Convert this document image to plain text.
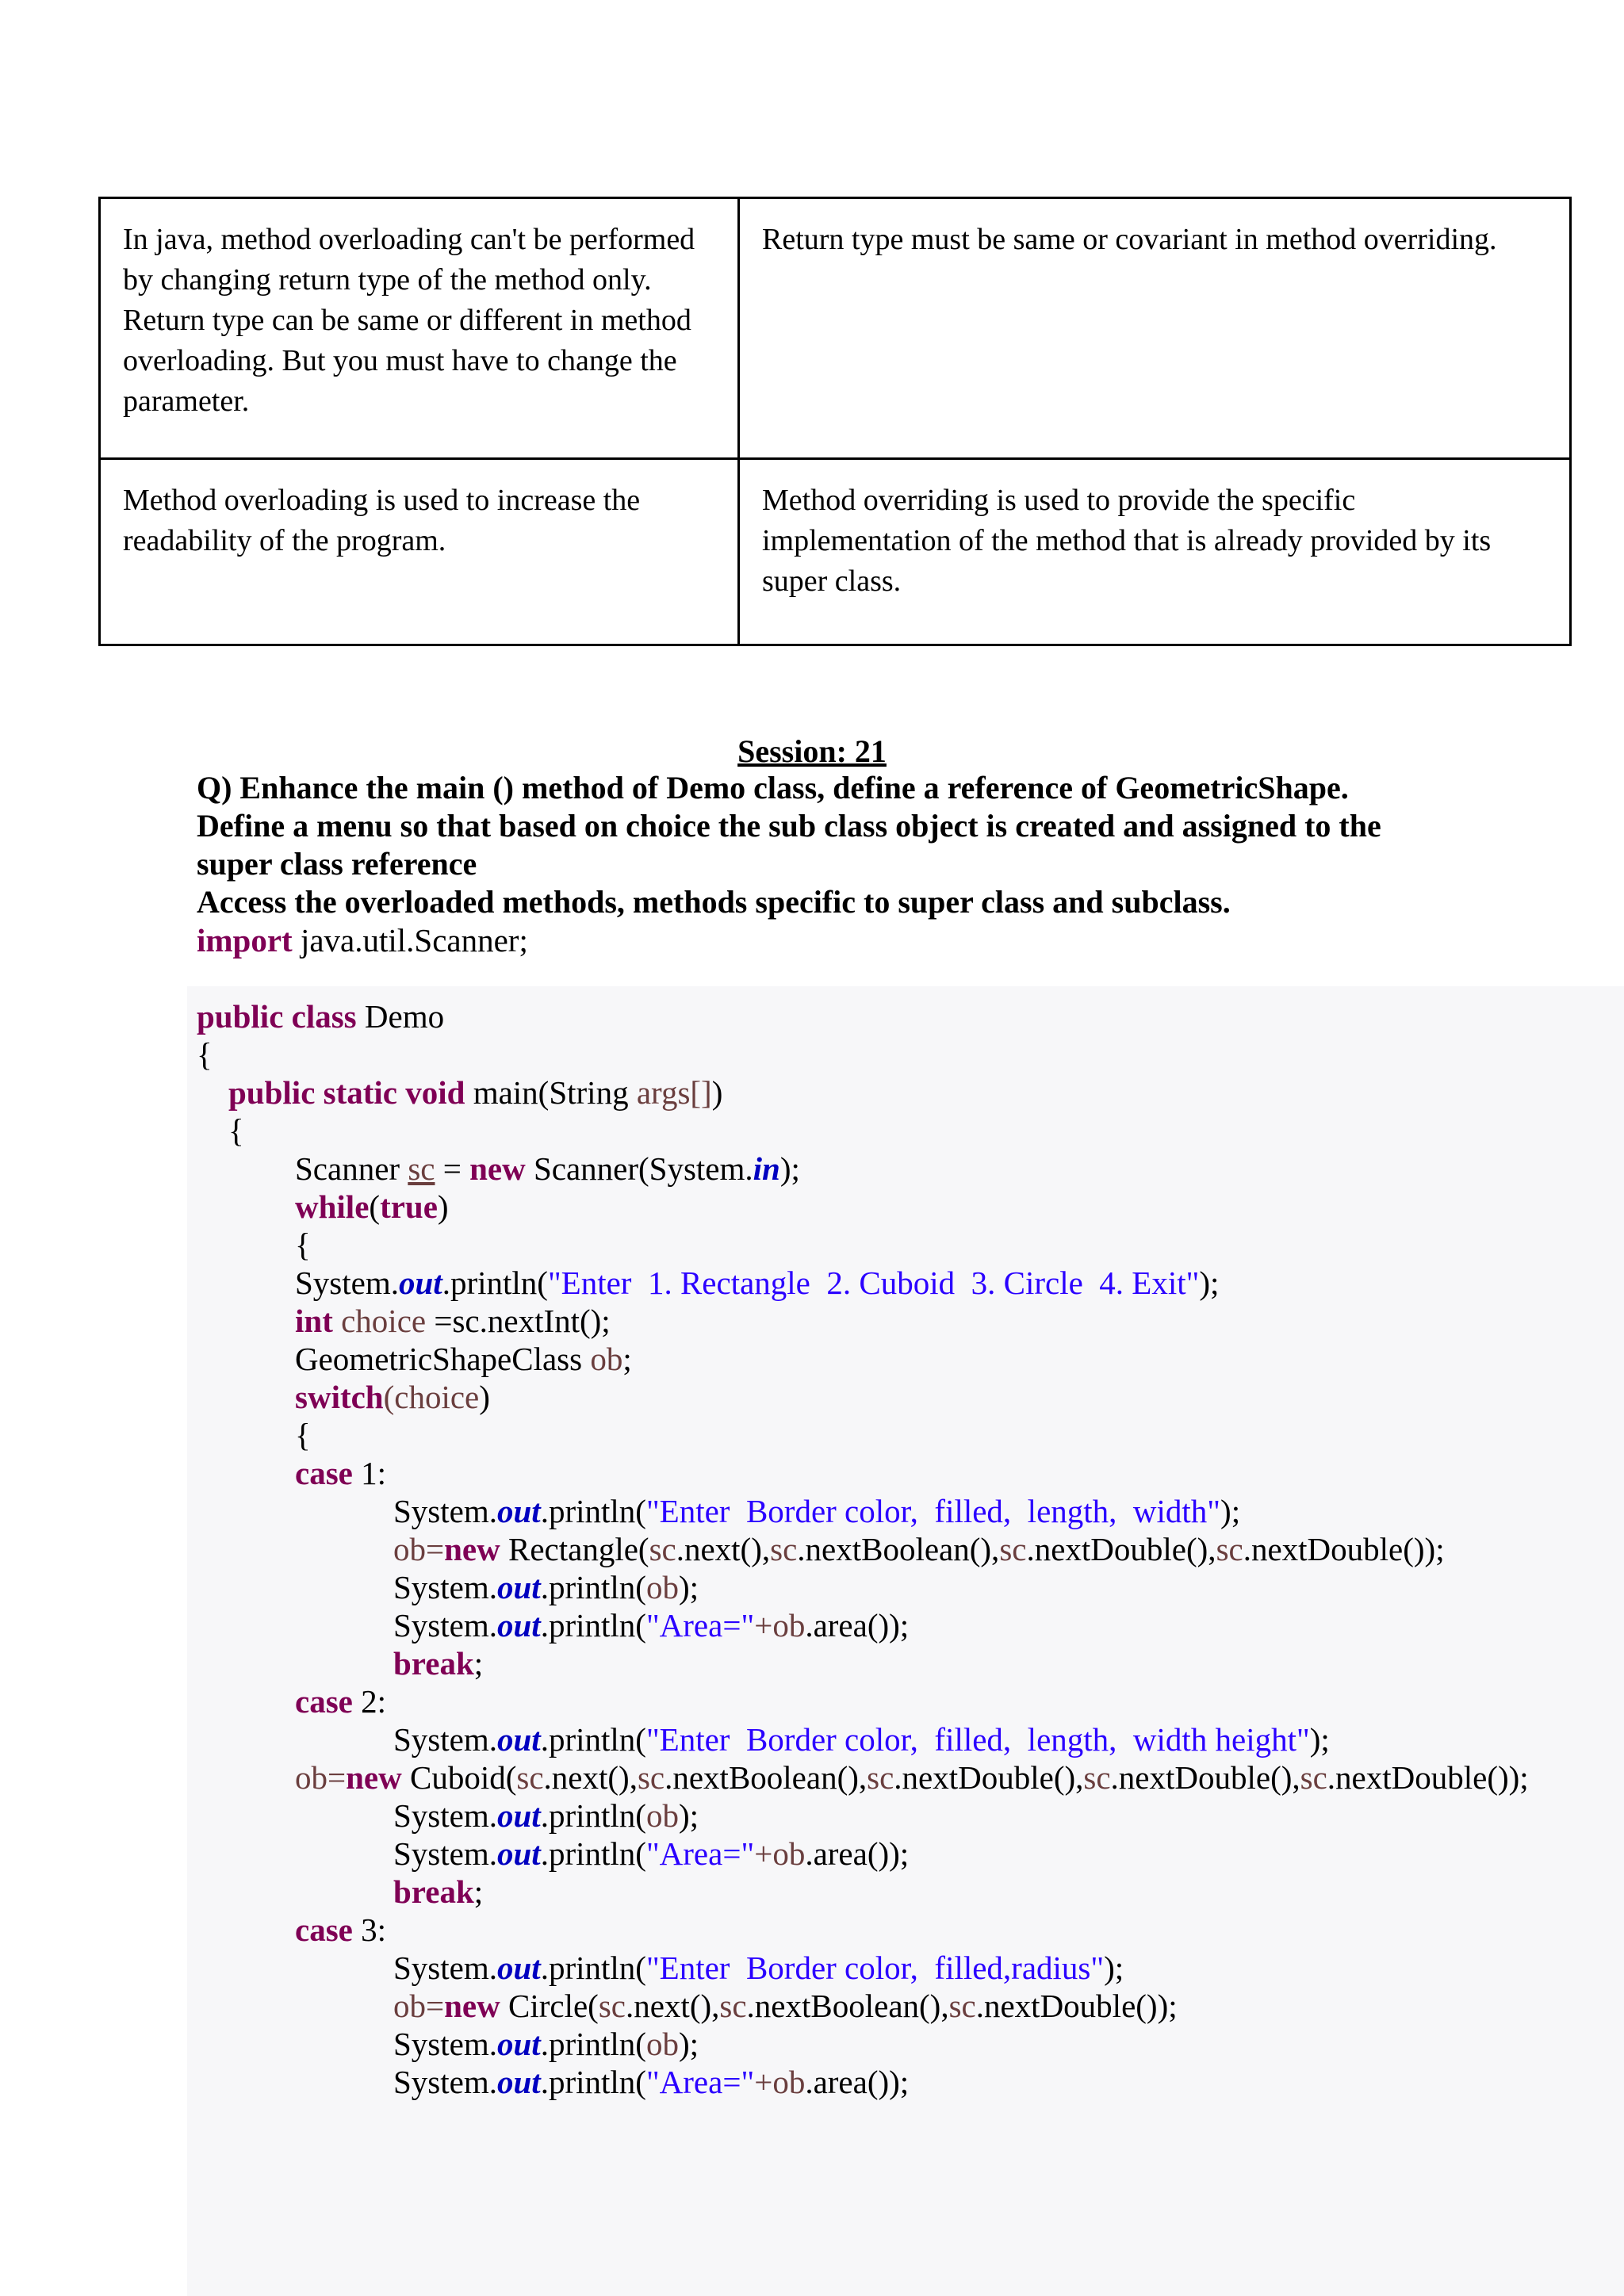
In java, method overloading can't be performed by changing return type of the method only. Return type can be same or different in method overloading. But you must have to change the parameter.	Return type must be same or covariant in method overriding.
Method overloading is used to increase the readability of the program.	Method overriding is used to provide the specific implementation of the method that is already provided by its super class.
Session: 21
Q) Enhance the main () method of Demo class, define a reference of GeometricShape.
Define a menu so that based on choice the sub class object is created and assigned to the
super class reference
Access the overloaded methods, methods specific to super class and subclass.
import java.util.Scanner;
public class Demo
{
public static void main(String args[])
{
Scanner sc = new Scanner(System.in);
while(true)
{
System.out.println("Enter  1. Rectangle  2. Cuboid  3. Circle  4. Exit");
int choice =sc.nextInt();
GeometricShapeClass ob;
switch(choice)
{
case 1:
System.out.println("Enter  Border color,  filled,  length,  width");
ob=new Rectangle(sc.next(),sc.nextBoolean(),sc.nextDouble(),sc.nextDouble());
System.out.println(ob);
System.out.println("Area="+ob.area());
break;
case 2:
System.out.println("Enter  Border color,  filled,  length,  width height");
ob=new Cuboid(sc.next(),sc.nextBoolean(),sc.nextDouble(),sc.nextDouble(),sc.nextDouble());
System.out.println(ob);
System.out.println("Area="+ob.area());
break;
case 3:
System.out.println("Enter  Border color,  filled,radius");
ob=new Circle(sc.next(),sc.nextBoolean(),sc.nextDouble());
System.out.println(ob);
System.out.println("Area="+ob.area());
